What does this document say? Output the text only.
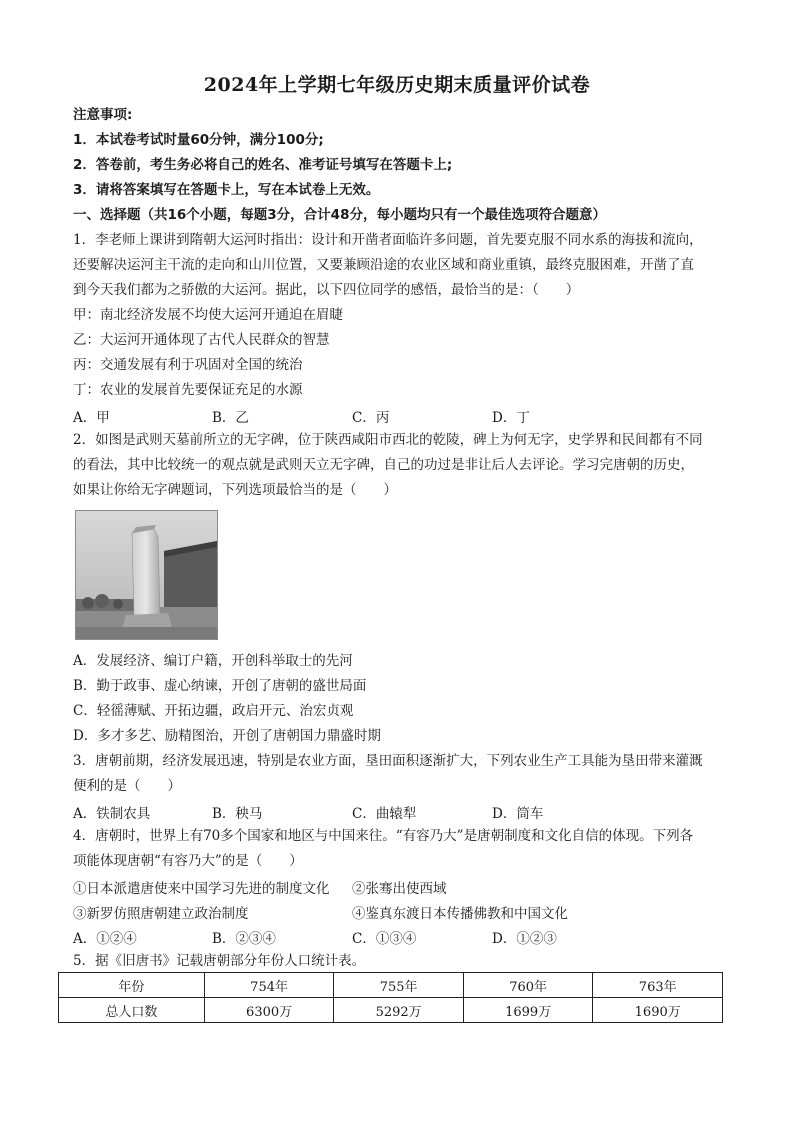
2024年上学期七年级历史期末质量评价试卷
注意事项:
1．本试卷考试时量60分钟，满分100分;
2．答卷前，考生务必将自己的姓名、准考证号填写在答题卡上;
3．请将答案填写在答题卡上，写在本试卷上无效。
一、选择题（共16个小题，每题3分，合计48分，每小题均只有一个最佳选项符合题意）
1．李老师上课讲到隋朝大运河时指出：设计和开凿者面临许多问题，首先要克服不同水系的海拔和流向，
还要解决运河主干流的走向和山川位置，又要兼顾沿途的农业区域和商业重镇，最终克服困难，开凿了直
到今天我们都为之骄傲的大运河。据此，以下四位同学的感悟，最恰当的是：（　　）
甲：南北经济发展不均使大运河开通迫在眉睫
乙：大运河开通体现了古代人民群众的智慧
丙：交通发展有利于巩固对全国的统治
丁：农业的发展首先要保证充足的水源
A．甲	B．乙	C．丙	D．丁
2．如图是武则天墓前所立的无字碑，位于陕西咸阳市西北的乾陵，碑上为何无字，史学界和民间都有不同
的看法，其中比较统一的观点就是武则天立无字碑，自己的功过是非让后人去评论。学习完唐朝的历史，
如果让你给无字碑题词，下列选项最恰当的是（　　）
A．发展经济、编订户籍，开创科举取士的先河
B．勤于政事、虚心纳谏，开创了唐朝的盛世局面
C．轻徭薄赋、开拓边疆，政启开元、治宏贞观
D．多才多艺、励精图治，开创了唐朝国力鼎盛时期
3．唐朝前期，经济发展迅速，特别是农业方面，垦田面积逐渐扩大，下列农业生产工具能为垦田带来灌溉
便利的是（　　）
A．铁制农具	B．秧马	C．曲辕犁	D．筒车
4．唐朝时，世界上有70多个国家和地区与中国来往。“有容乃大”是唐朝制度和文化自信的体现。下列各
项能体现唐朝“有容乃大”的是（　　）
①日本派遣唐使来中国学习先进的制度文化 ②张骞出使西域
③新罗仿照唐朝建立政治制度	④鉴真东渡日本传播佛教和中国文化
A．①②④	B．②③④	C．①③④	D．①②③
5．据《旧唐书》记载唐朝部分年份人口统计表。
年份	754年	755年	760年	763年
总人口数	6300万	5292万	1699万	1690万
